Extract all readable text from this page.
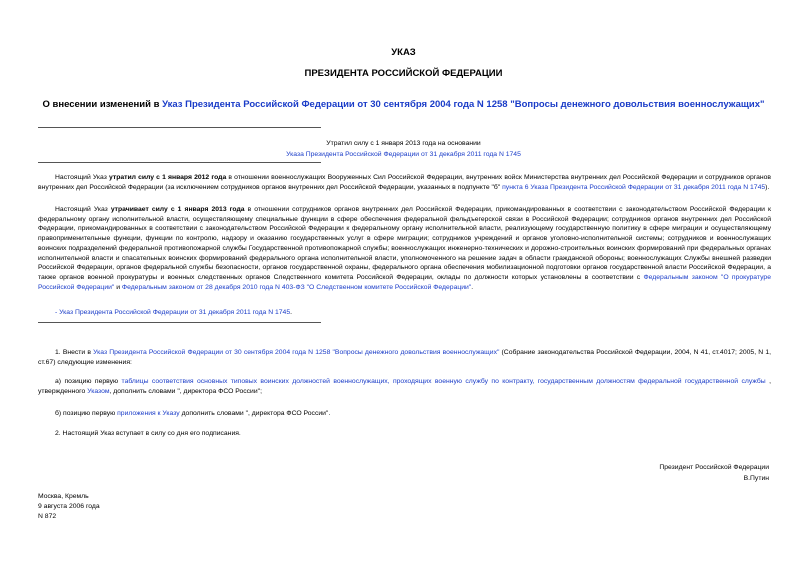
УКАЗ
ПРЕЗИДЕНТА РОССИЙСКОЙ ФЕДЕРАЦИИ
О внесении изменений в Указ Президента Российской Федерации от 30 сентября 2004 года N 1258 "Вопросы денежного довольствия военнослужащих"
Утратил силу с 1 января 2013 года на основании
Указа Президента Российской Федерации от 31 декабря 2011 года N 1745
Настоящий Указ утратил силу с 1 января 2012 года в отношении военнослужащих Вооруженных Сил Российской Федерации, внутренних войск Министерства внутренних дел Российской Федерации и сотрудников органов внутренних дел Российской Федерации (за исключением сотрудников органов внутренних дел Российской Федерации, указанных в подпункте "б" пункта 6 Указа Президента Российской Федерации от 31 декабря 2011 года N 1745).
Настоящий Указ утрачивает силу с 1 января 2013 года в отношении сотрудников органов внутренних дел Российской Федерации, прикомандированных в соответствии с законодательством Российской Федерации к федеральному органу исполнительной власти, осуществляющему специальные функции в сфере обеспечения федеральной фельдъегерской связи в Российской Федерации; сотрудников органов внутренних дел Российской Федерации, прикомандированных в соответствии с законодательством Российской Федерации к федеральному органу исполнительной власти, реализующему государственную политику в сфере миграции и осуществляющему правоприменительные функции, функции по контролю, надзору и оказанию государственных услуг в сфере миграции; сотрудников учреждений и органов уголовно-исполнительной системы; сотрудников и военнослужащих воинских подразделений федеральной противопожарной службы Государственной противопожарной службы; военнослужащих инженерно-технических и дорожно-строительных воинских формирований при федеральных органах исполнительной власти и спасательных воинских формирований федерального органа исполнительной власти, уполномоченного на решение задач в области гражданской обороны; военнослужащих Службы внешней разведки Российской Федерации, органов федеральной службы безопасности, органов государственной охраны, федерального органа обеспечения мобилизационной подготовки органов государственной власти Российской Федерации, а также органов военной прокуратуры и военных следственных органов Следственного комитета Российской Федерации, оклады по должности которых установлены в соответствии с Федеральным законом "О прокуратуре Российской Федерации" и Федеральным законом от 28 декабря 2010 года N 403-ФЗ "О Следственном комитете Российской Федерации".
- Указ Президента Российской Федерации от 31 декабря 2011 года N 1745.
1. Внести в Указ Президента Российской Федерации от 30 сентября 2004 года N 1258 "Вопросы денежного довольствия военнослужащих" (Собрание законодательства Российской Федерации, 2004, N 41, ст.4017; 2005, N 1, ст.67) следующие изменения:
а) позицию первую таблицы соответствия основных типовых воинских должностей военнослужащих, проходящих военную службу по контракту, государственным должностям федеральной государственной службы , утвержденного Указом, дополнить словами ", директора ФСО России";
б) позицию первую приложения к Указу дополнить словами ", директора ФСО России".
2. Настоящий Указ вступает в силу со дня его подписания.
Президент Российской Федерации
В.Путин
Москва, Кремль
9 августа 2006 года
N 872
